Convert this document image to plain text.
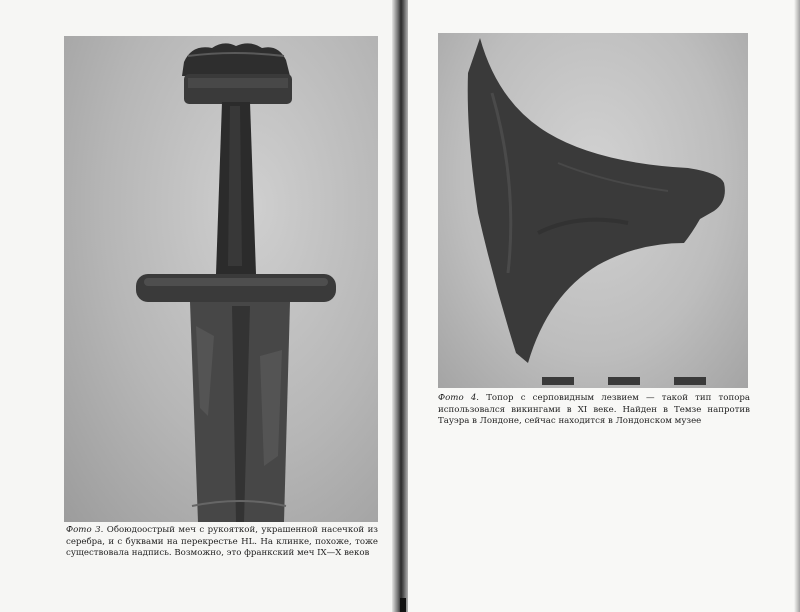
Фото 3. Обоюдоострый меч с рукояткой, украшенной насечкой из серебра, и с буквами на перекрестье HL. На клинке, похоже, тоже существовала надпись. Возможно, это франкский меч IX—X веков
Фото 4. Топор с серповидным лезвием — такой тип топора использовался викингами в XI веке. Найден в Темзе напротив Тауэра в Лондоне, сейчас находится в Лондонском музее
